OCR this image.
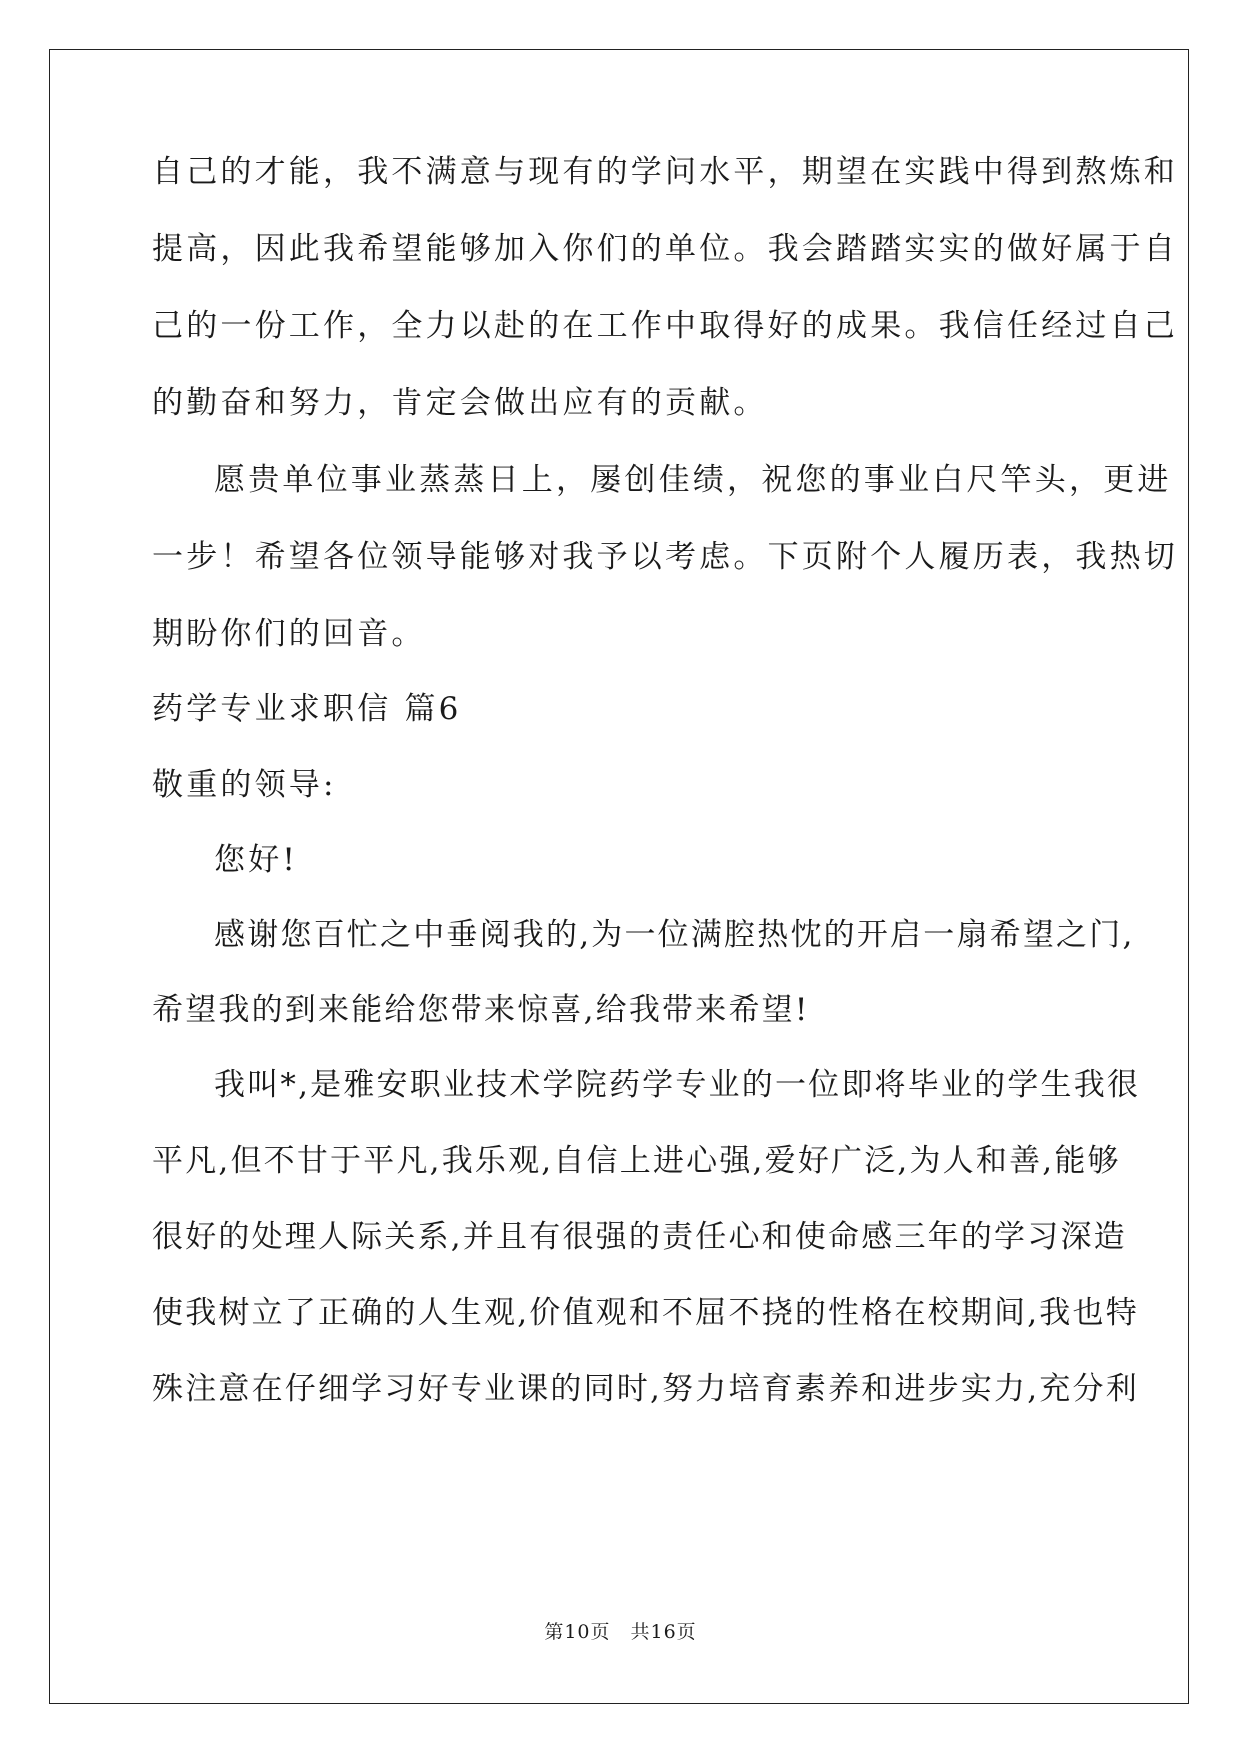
自己的才能，我不满意与现有的学问水平，期望在实践中得到熬炼和
提高，因此我希望能够加入你们的单位。我会踏踏实实的做好属于自
己的一份工作，全力以赴的在工作中取得好的成果。我信任经过自己
的勤奋和努力，肯定会做出应有的贡献。
愿贵单位事业蒸蒸日上，屡创佳绩，祝您的事业白尺竿头，更进
一步！希望各位领导能够对我予以考虑。下页附个人履历表，我热切
期盼你们的回音。
药学专业求职信 篇6
敬重的领导:
您好!
感谢您百忙之中垂阅我的,为一位满腔热忱的开启一扇希望之门,
希望我的到来能给您带来惊喜,给我带来希望!
我叫*,是雅安职业技术学院药学专业的一位即将毕业的学生我很
平凡,但不甘于平凡,我乐观,自信上进心强,爱好广泛,为人和善,能够
很好的处理人际关系,并且有很强的责任心和使命感三年的学习深造
使我树立了正确的人生观,价值观和不屈不挠的性格在校期间,我也特
殊注意在仔细学习好专业课的同时,努力培育素养和进步实力,充分利
第10页　共16页
